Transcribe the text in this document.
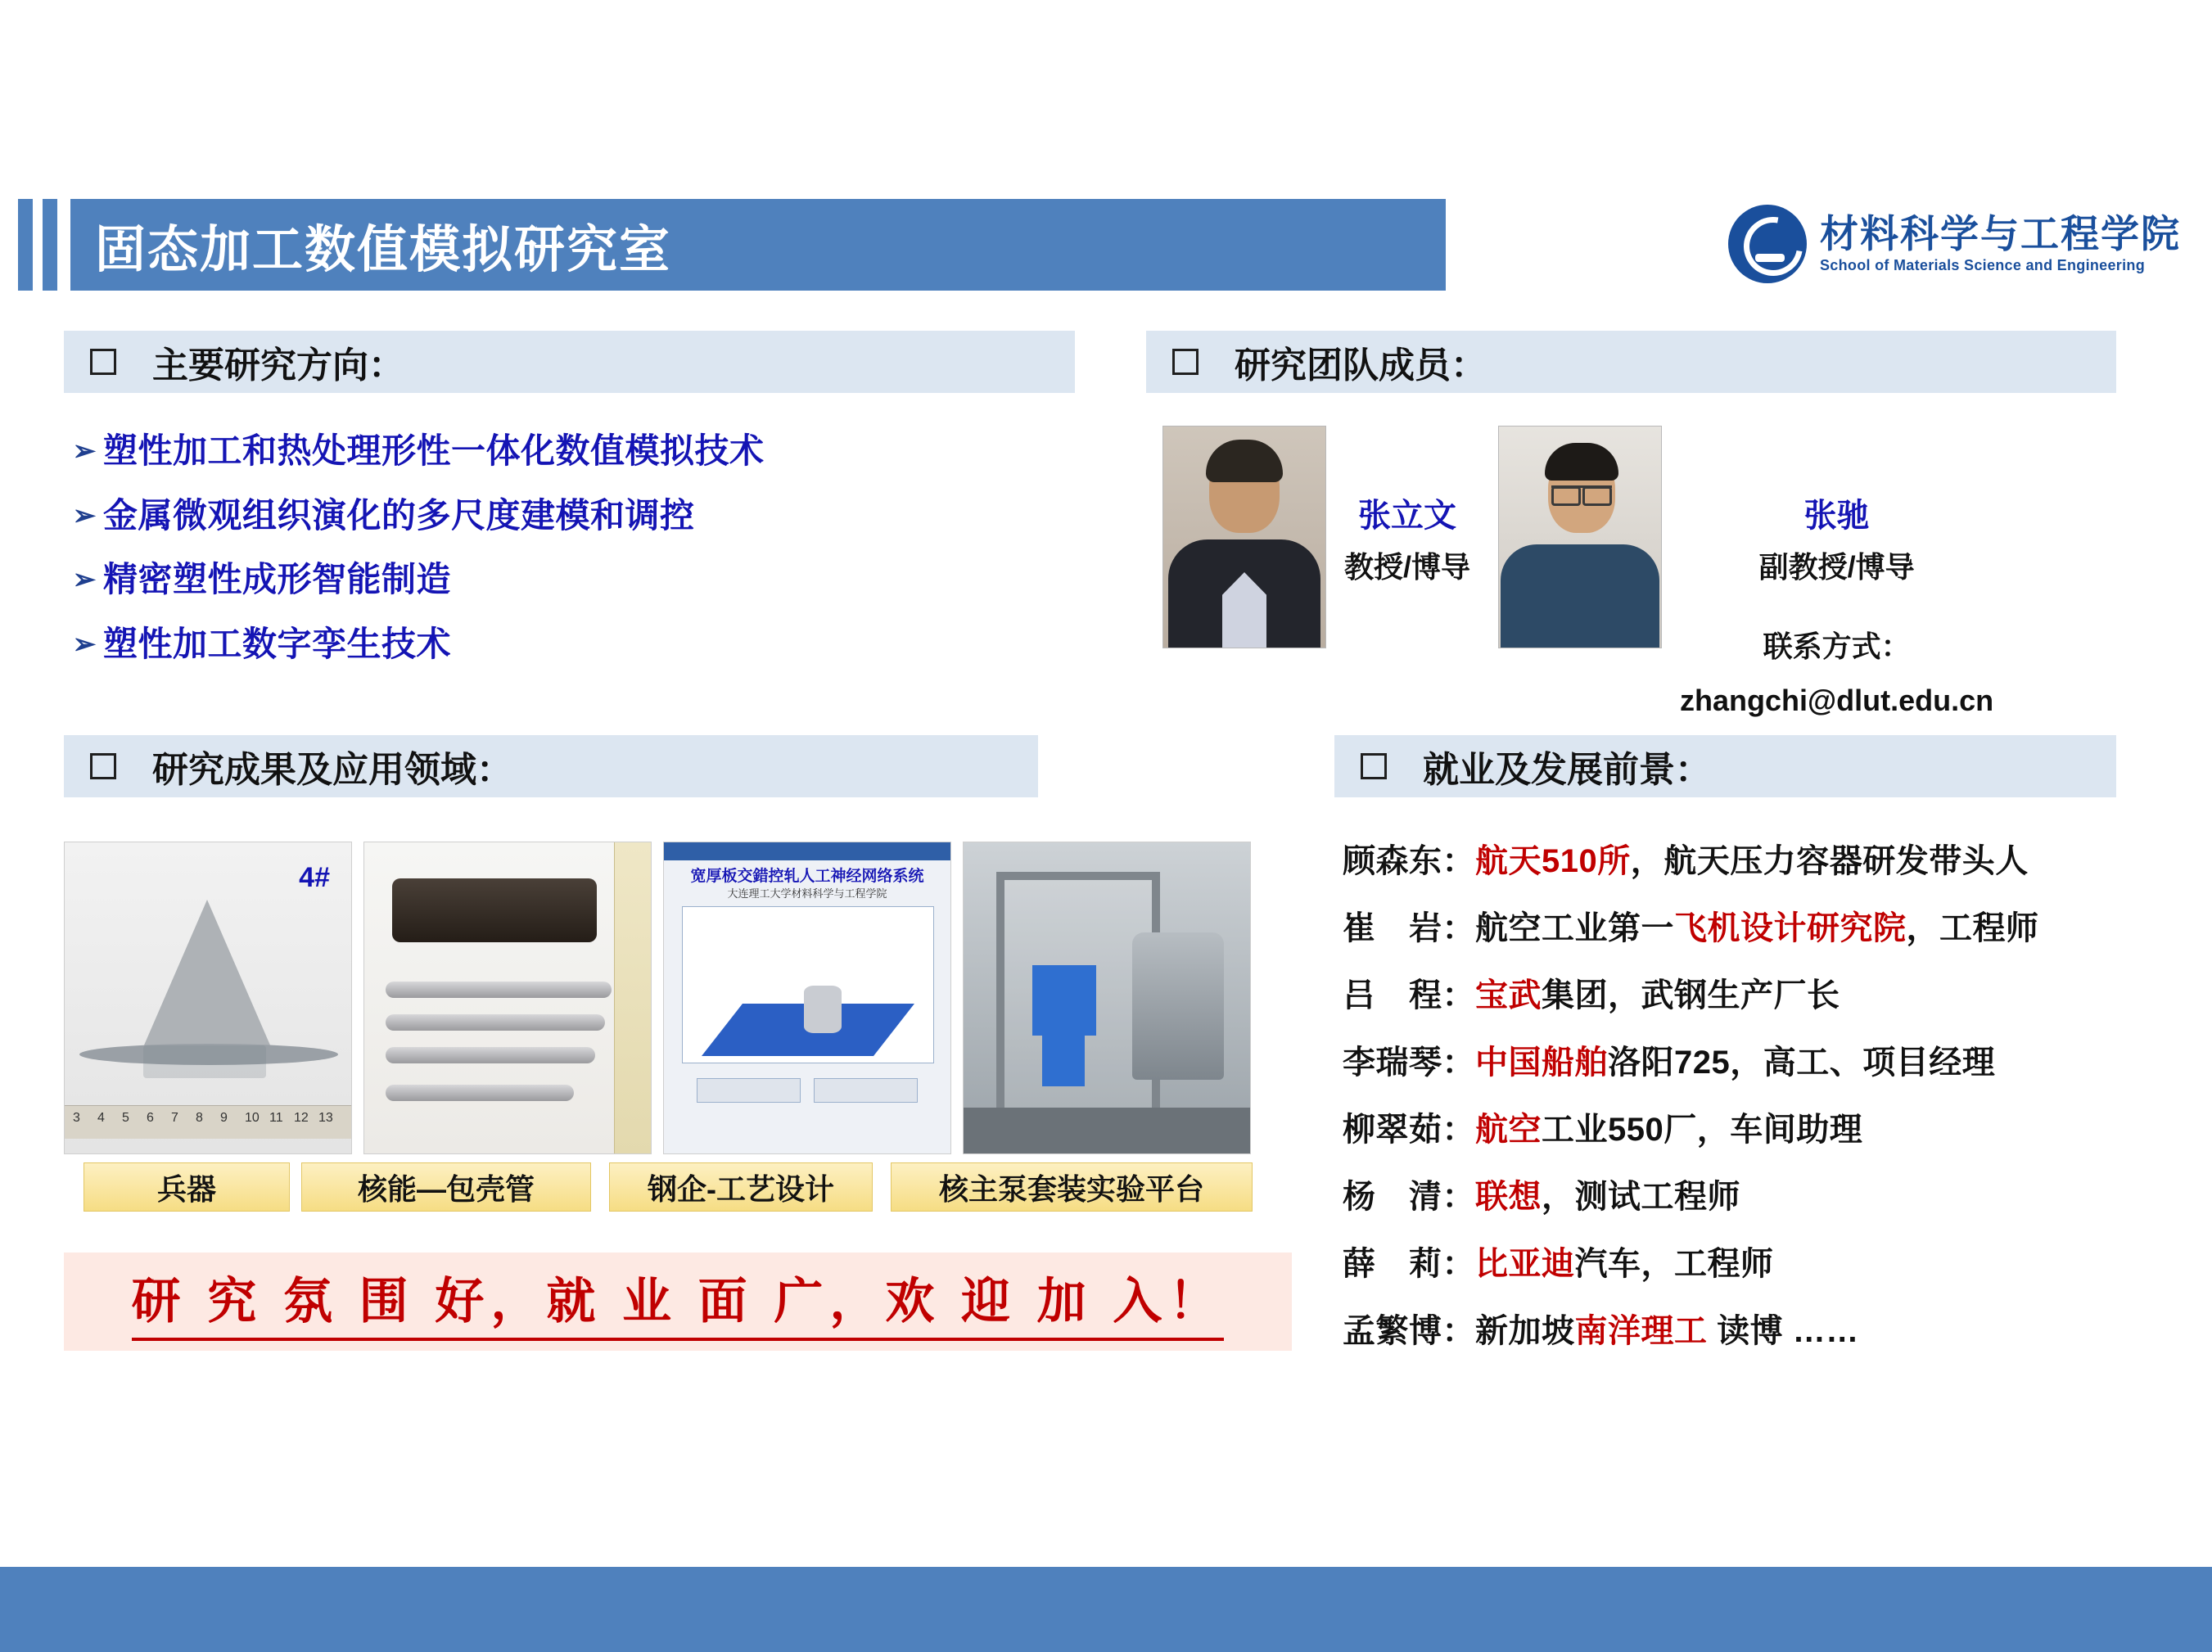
固态加工数值模拟研究室	材料科学与工程学院
School of Materials Science and Engineering
主要研究方向：	研究团队成员：
研究成果及应用领域：	就业及发展前景：
➢ 塑性加工和热处理形性一体化数值模拟技术
➢ 金属微观组织演化的多尺度建模和调控
➢ 精密塑性成形智能制造
➢ 塑性加工数字孪生技术
张立文
教授/博导
张驰
副教授/博导
联系方式：
zhangchi@dlut.edu.cn
4#
3 4 5 6 7 8 9 10 11 12 13
宽厚板交錯控轧人工神经网络系统
大连理工大学材料科学与工程学院
兵器	核能—包壳管	钢企-工艺设计	核主泵套装实验平台
研 究 氛 围 好，就 业 面 广，欢 迎 加 入！
顾森东：航天510所，航天压力容器研发带头人
崔　岩：航空工业第一飞机设计研究院，工程师
吕　程：宝武集团，武钢生产厂长
李瑞琴：中国船舶洛阳725，高工、项目经理
柳翠茹：航空工业550厂，车间助理
杨　清：联想，测试工程师
薛　莉：比亚迪汽车，工程师
孟繁博：新加坡南洋理工 读博 ……
